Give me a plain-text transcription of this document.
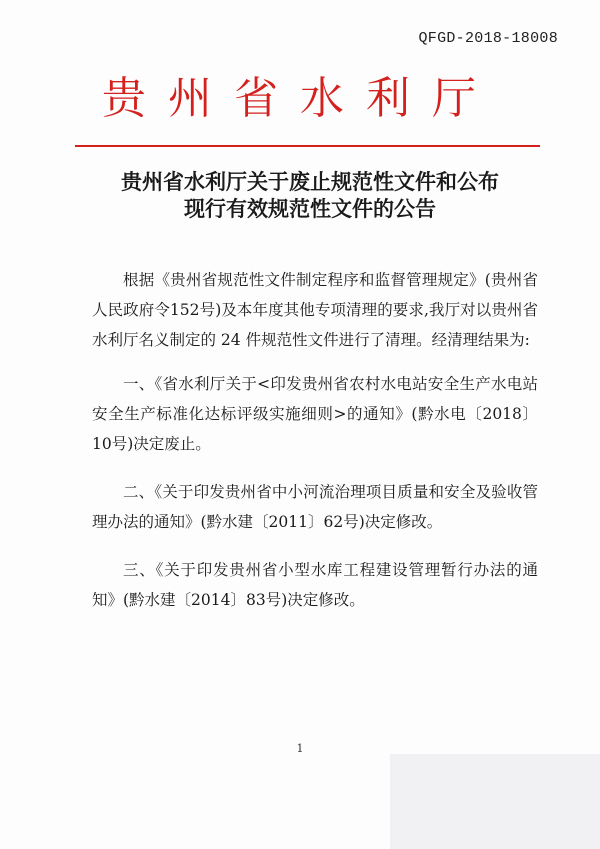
QFGD-2018-18008
贵州省水利厅
贵州省水利厅关于废止规范性文件和公布
现行有效规范性文件的公告

根据《贵州省规范性文件制定程序和监督管理规定》(贵州省人民政府令152号)及本年度其他专项清理的要求,我厅对以贵州省水利厅名义制定的 24 件规范性文件进行了清理。经清理结果为:

一、《省水利厅关于<印发贵州省农村水电站安全生产水电站安全生产标准化达标评级实施细则>的通知》(黔水电〔2018〕10号)决定废止。

二、《关于印发贵州省中小河流治理项目质量和安全及验收管理办法的通知》(黔水建〔2011〕62号)决定修改。

三、《关于印发贵州省小型水库工程建设管理暂行办法的通知》(黔水建〔2014〕83号)决定修改。

1
